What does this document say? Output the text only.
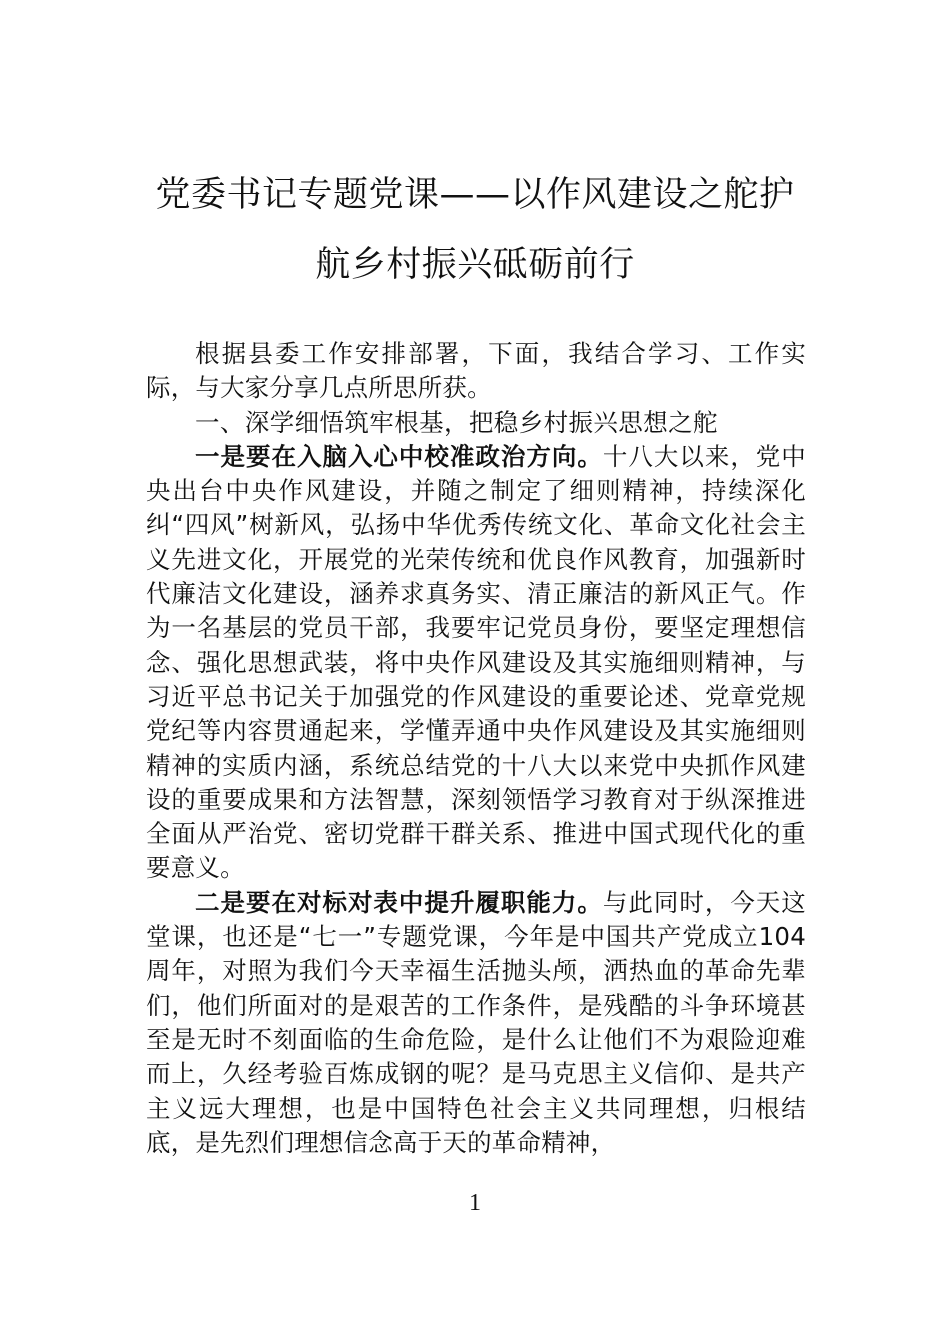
党委书记专题党课——以作风建设之舵护
航乡村振兴砥砺前行

根据县委工作安排部署，下面，我结合学习、工作实际，与大家分享几点所思所获。

一、深学细悟筑牢根基，把稳乡村振兴思想之舵

一是要在入脑入心中校准政治方向。十八大以来，党中央出台中央作风建设，并随之制定了细则精神，持续深化纠“四风”树新风，弘扬中华优秀传统文化、革命文化社会主义先进文化，开展党的光荣传统和优良作风教育，加强新时代廉洁文化建设，涵养求真务实、清正廉洁的新风正气。作为一名基层的党员干部，我要牢记党员身份，要坚定理想信念、强化思想武装，将中央作风建设及其实施细则精神，与习近平总书记关于加强党的作风建设的重要论述、党章党规党纪等内容贯通起来，学懂弄通中央作风建设及其实施细则精神的实质内涵，系统总结党的十八大以来党中央抓作风建设的重要成果和方法智慧，深刻领悟学习教育对于纵深推进全面从严治党、密切党群干群关系、推进中国式现代化的重要意义。

二是要在对标对表中提升履职能力。与此同时，今天这堂课，也还是“七一”专题党课，今年是中国共产党成立104周年，对照为我们今天幸福生活抛头颅，洒热血的革命先辈们，他们所面对的是艰苦的工作条件，是残酷的斗争环境甚至是无时不刻面临的生命危险，是什么让他们不为艰险迎难而上，久经考验百炼成钢的呢？是马克思主义信仰、是共产主义远大理想，也是中国特色社会主义共同理想，归根结底，是先烈们理想信念高于天的革命精神，

1
